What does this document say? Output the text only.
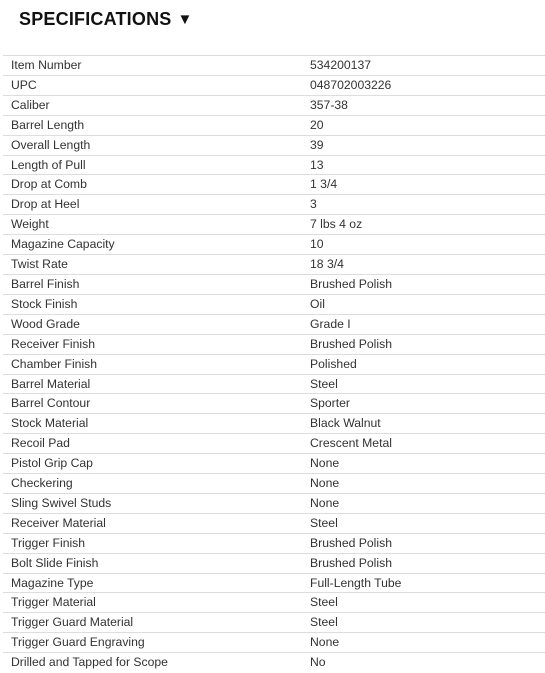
SPECIFICATIONS ▼
Item Number	534200137
UPC	048702003226
Caliber	357-38
Barrel Length	20
Overall Length	39
Length of Pull	13
Drop at Comb	1 3/4
Drop at Heel	3
Weight	7 lbs 4 oz
Magazine Capacity	10
Twist Rate	18 3/4
Barrel Finish	Brushed Polish
Stock Finish	Oil
Wood Grade	Grade I
Receiver Finish	Brushed Polish
Chamber Finish	Polished
Barrel Material	Steel
Barrel Contour	Sporter
Stock Material	Black Walnut
Recoil Pad	Crescent Metal
Pistol Grip Cap	None
Checkering	None
Sling Swivel Studs	None
Receiver Material	Steel
Trigger Finish	Brushed Polish
Bolt Slide Finish	Brushed Polish
Magazine Type	Full-Length Tube
Trigger Material	Steel
Trigger Guard Material	Steel
Trigger Guard Engraving	None
Drilled and Tapped for Scope	No
